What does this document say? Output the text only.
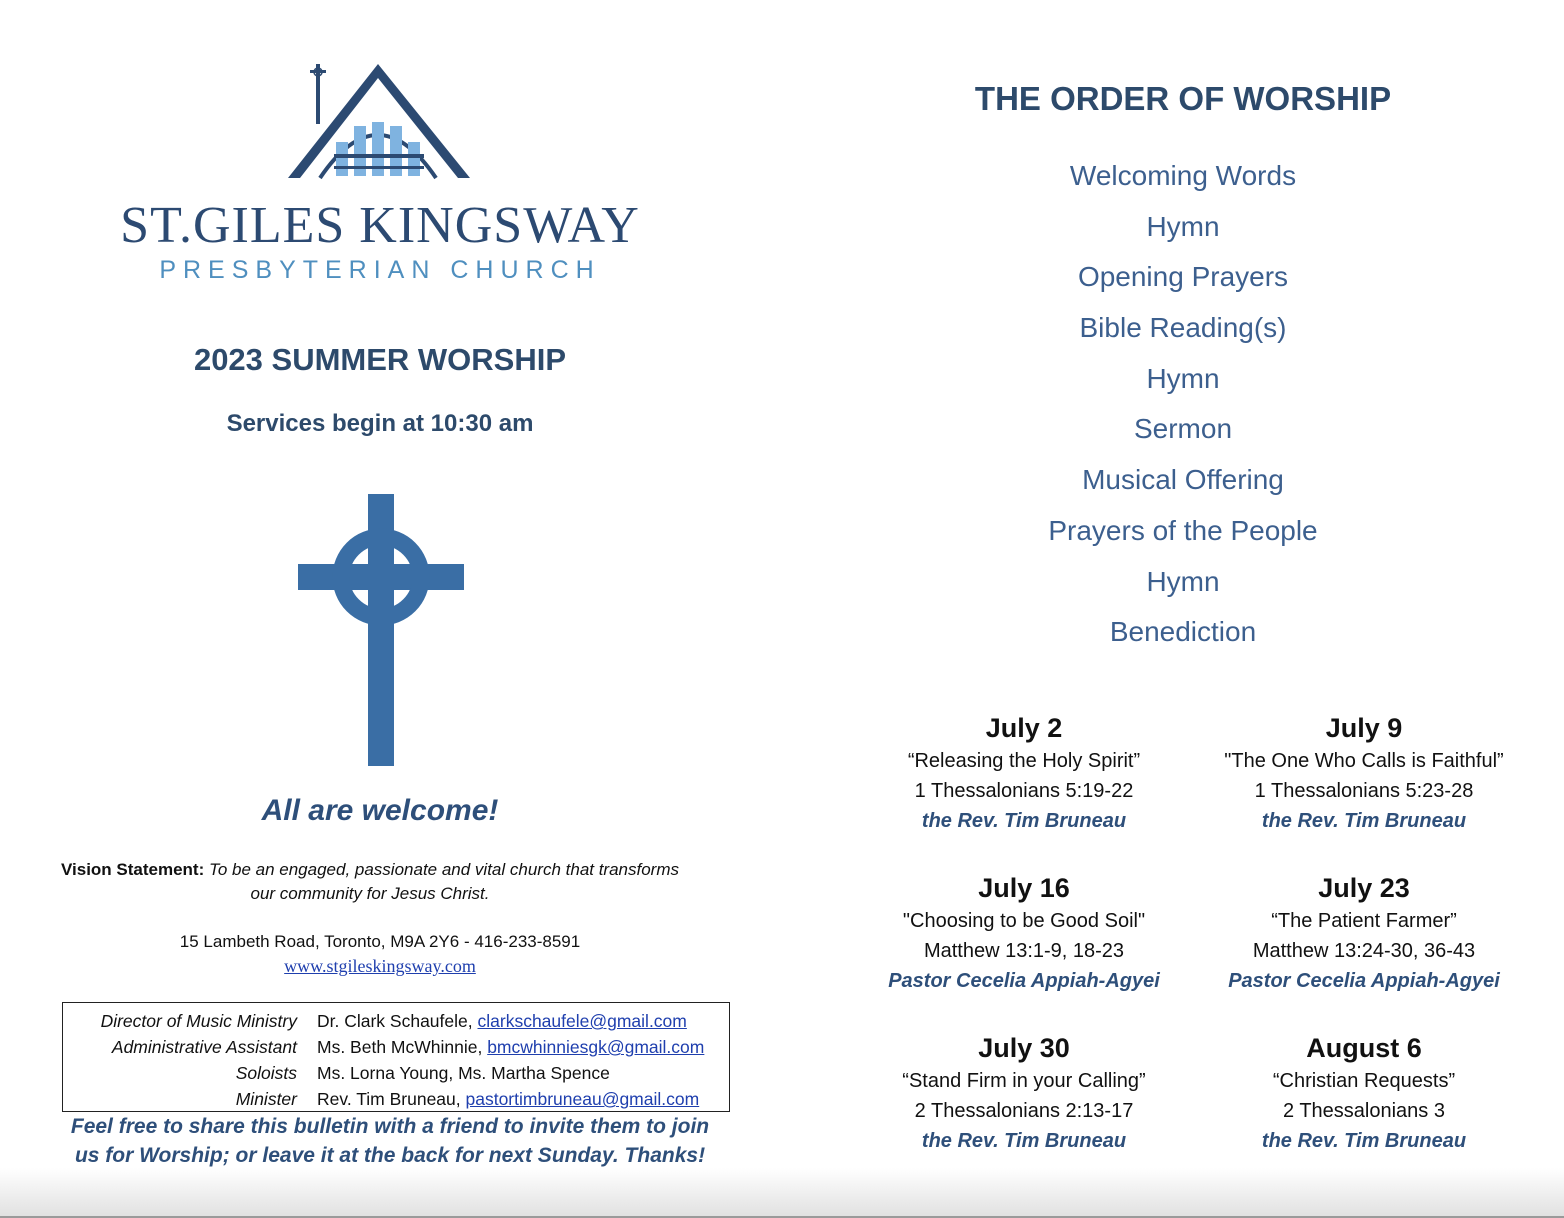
ST.GILES KINGSWAY
PRESBYTERIAN CHURCH
2023 SUMMER WORSHIP
Services begin at 10:30 am
All are welcome!
Vision Statement: To be an engaged, passionate and vital church that transforms our community for Jesus Christ.
15 Lambeth Road, Toronto, M9A 2Y6 - 416-233-8591
www.stgileskingsway.com
Director of Music Ministry Dr. Clark Schaufele, clarkschaufele@gmail.com
Administrative Assistant Ms. Beth McWhinnie, bmcwhinniesgk@gmail.com
Soloists Ms. Lorna Young, Ms. Martha Spence
Minister Rev. Tim Bruneau, pastortimbruneau@gmail.com
Feel free to share this bulletin with a friend to invite them to join
us for Worship; or leave it at the back for next Sunday. Thanks!
THE ORDER OF WORSHIP
Welcoming Words
Hymn
Opening Prayers
Bible Reading(s)
Hymn
Sermon
Musical Offering
Prayers of the People
Hymn
Benediction
July 2
“Releasing the Holy Spirit”
1 Thessalonians 5:19-22
the Rev. Tim Bruneau
July 9
"The One Who Calls is Faithful”
1 Thessalonians 5:23-28
the Rev. Tim Bruneau
July 16
"Choosing to be Good Soil"
Matthew 13:1-9, 18-23
Pastor Cecelia Appiah-Agyei
July 23
“The Patient Farmer”
Matthew 13:24-30, 36-43
Pastor Cecelia Appiah-Agyei
July 30
“Stand Firm in your Calling”
2 Thessalonians 2:13-17
the Rev. Tim Bruneau
August 6
“Christian Requests”
2 Thessalonians 3
the Rev. Tim Bruneau
